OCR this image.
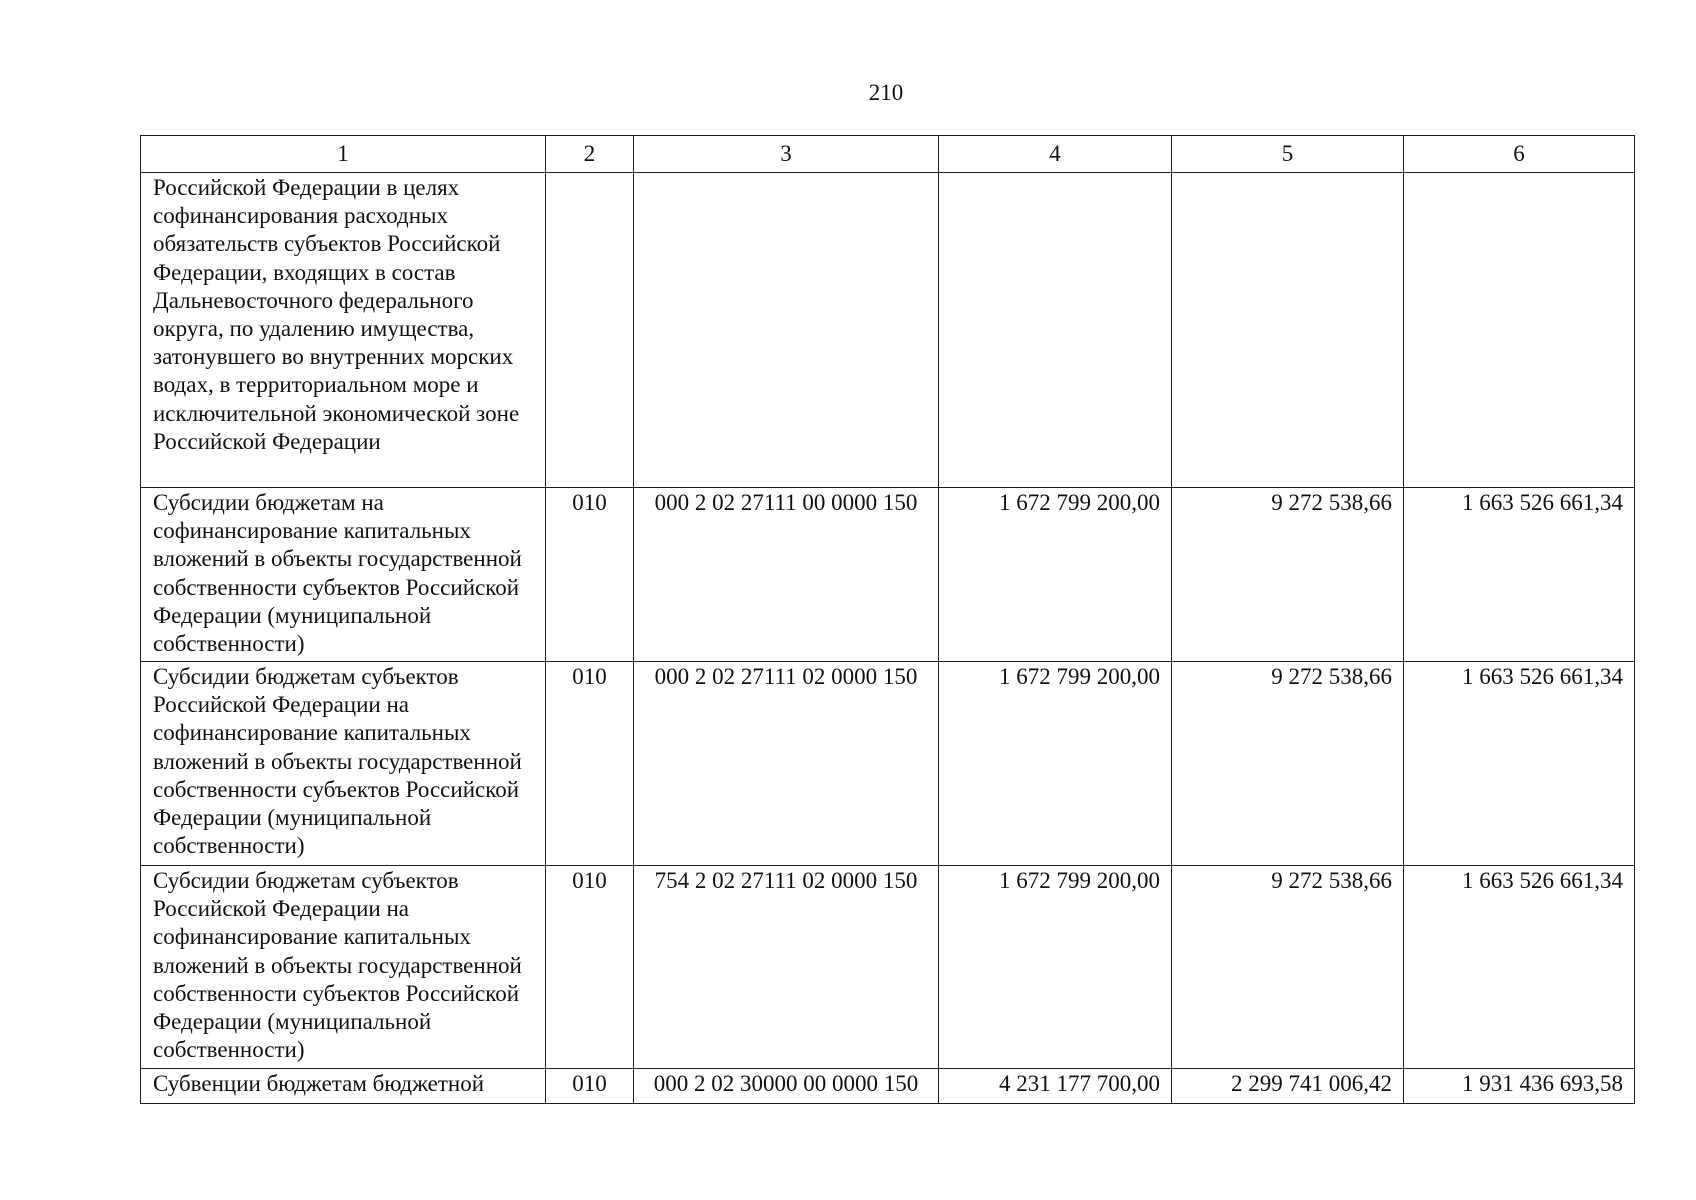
210
1	2	3	4	5	6
Российской Федерации в целях софинансирования расходных обязательств субъектов Российской Федерации, входящих в состав Дальневосточного федерального округа, по удалению имущества, затонувшего во внутренних морских водах, в территориальном море и исключительной экономической зоне Российской Федерации					
Субсидии бюджетам на софинансирование капитальных вложений в объекты государственной собственности субъектов Российской Федерации (муниципальной собственности)	010	000 2 02 27111 00 0000 150	1 672 799 200,00	9 272 538,66	1 663 526 661,34
Субсидии бюджетам субъектов Российской Федерации на софинансирование капитальных вложений в объекты государственной собственности субъектов Российской Федерации (муниципальной собственности)	010	000 2 02 27111 02 0000 150	1 672 799 200,00	9 272 538,66	1 663 526 661,34
Субсидии бюджетам субъектов Российской Федерации на софинансирование капитальных вложений в объекты государственной собственности субъектов Российской Федерации (муниципальной собственности)	010	754 2 02 27111 02 0000 150	1 672 799 200,00	9 272 538,66	1 663 526 661,34
Субвенции бюджетам бюджетной	010	000 2 02 30000 00 0000 150	4 231 177 700,00	2 299 741 006,42	1 931 436 693,58
